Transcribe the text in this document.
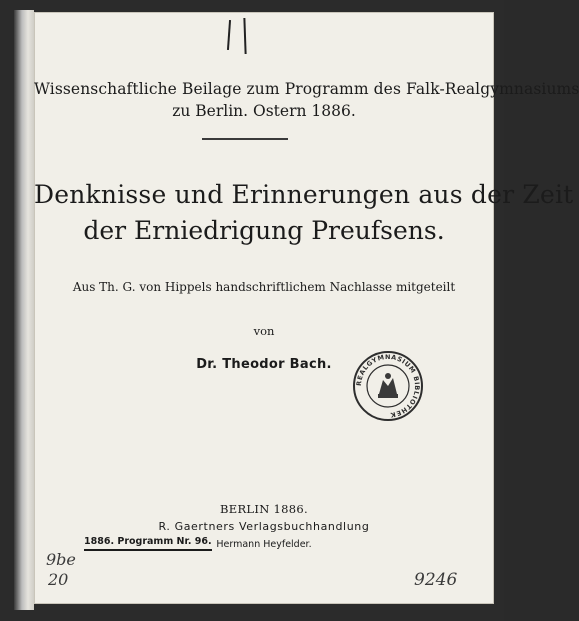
Wissenschaftliche Beilage zum Programm des Falk-Realgymnasiums
zu Berlin. Ostern 1886.
Denknisse und Erinnerungen aus der Zeit
der Erniedrigung Preufsens.
Aus Th. G. von Hippels handschriftlichem Nachlasse mitgeteilt
von
Dr. Theodor Bach.
REALGYMNASIUM BIBLIOTHEK
BERLIN 1886.
R. Gaertners Verlagsbuchhandlung
Hermann Heyfelder.
1886. Programm Nr. 96.
9be
20	9246
